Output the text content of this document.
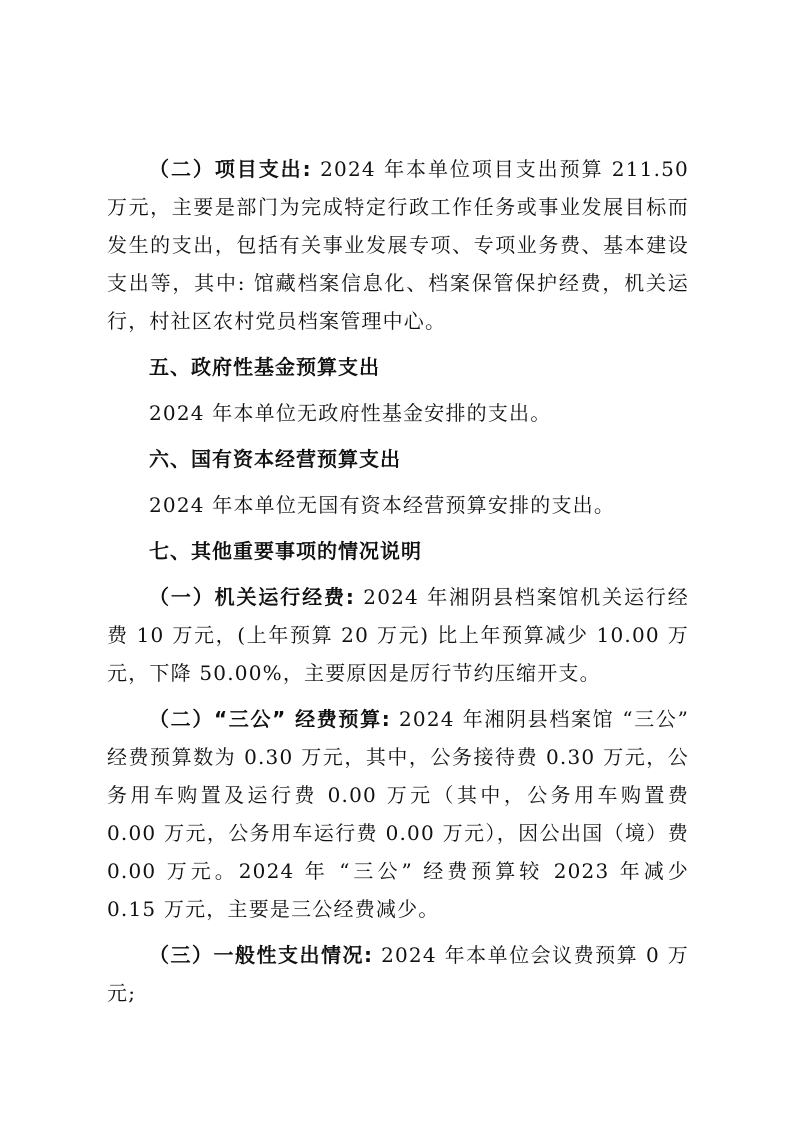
（二）项目支出: 2024 年本单位项目支出预算 211.50 万元，主要是部门为完成特定行政工作任务或事业发展目标而发生的支出，包括有关事业发展专项、专项业务费、基本建设支出等，其中: 馆藏档案信息化、档案保管保护经费，机关运行，村社区农村党员档案管理中心。

五、政府性基金预算支出

2024 年本单位无政府性基金安排的支出。

六、国有资本经营预算支出

2024 年本单位无国有资本经营预算安排的支出。

七、其他重要事项的情况说明

（一）机关运行经费: 2024 年湘阴县档案馆机关运行经费 10 万元，(上年预算 20 万元) 比上年预算减少 10.00 万元，下降 50.00%，主要原因是厉行节约压缩开支。

（二）“三公” 经费预算: 2024 年湘阴县档案馆 “三公” 经费预算数为 0.30 万元，其中，公务接待费 0.30 万元，公务用车购置及运行费 0.00 万元（其中，公务用车购置费 0.00 万元，公务用车运行费 0.00 万元），因公出国（境）费 0.00 万元。2024 年 “三公” 经费预算较 2023 年减少 0.15 万元，主要是三公经费减少。

（三）一般性支出情况: 2024 年本单位会议费预算 0 万元;
